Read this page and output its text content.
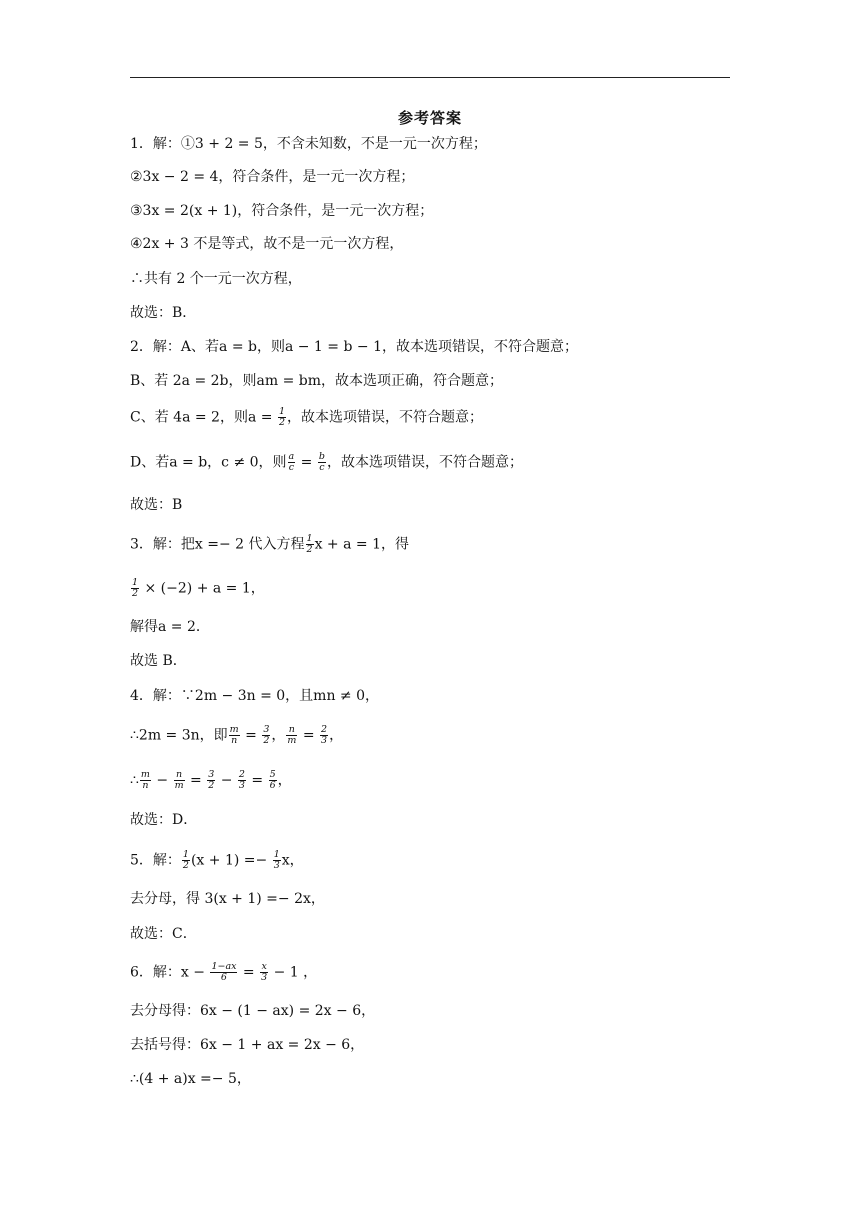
参考答案
1．解：①3 + 2 = 5，不含未知数，不是一元一次方程；
②3x − 2 = 4，符合条件，是一元一次方程；
③3x = 2(x + 1)，符合条件，是一元一次方程；
④2x + 3 不是等式，故不是一元一次方程，
∴共有 2 个一元一次方程，
故选：B．
2．解：A、若a = b，则a − 1 = b − 1，故本选项错误，不符合题意；
B、若 2a = 2b，则am = bm，故本选项正确，符合题意；
C、若 4a = 2，则$a = \frac{1}{2}$ ，故本选项错误，不符合题意；
D、若a = b，c ≠ 0，则 $\frac{a}{c} = \frac{b}{c}$ ，故本选项错误，不符合题意；
故选：B
3．解：把x =− 2 代入方程 $\frac{1}{2}$ x + a = 1，得
$\frac{1}{2} \times (-2) + a = 1$，
解得a = 2．
故选 B．
4．解：∵2m − 3n = 0，且mn ≠ 0，
∴2m = 3n，即 $\frac{m}{n} = \frac{3}{2}$ ， $\frac{n}{m} = \frac{2}{3}$ ，
∴ $\frac{m}{n} - \frac{n}{m} = \frac{3}{2} - \frac{2}{3} = \frac{5}{6}$ ，
故选：D．
5．解： $\frac{1}{2} (x + 1) =- \frac{1}{3}$ x，
去分母，得 3(x + 1) =− 2x，
故选：C．
6．解：$x - \frac{1-ax}{6} = \frac{x}{3} - 1$ ，
去分母得：6x − (1 − ax) = 2x − 6，
去括号得：6x − 1 + ax = 2x − 6，
∴(4 + a)x =− 5，
